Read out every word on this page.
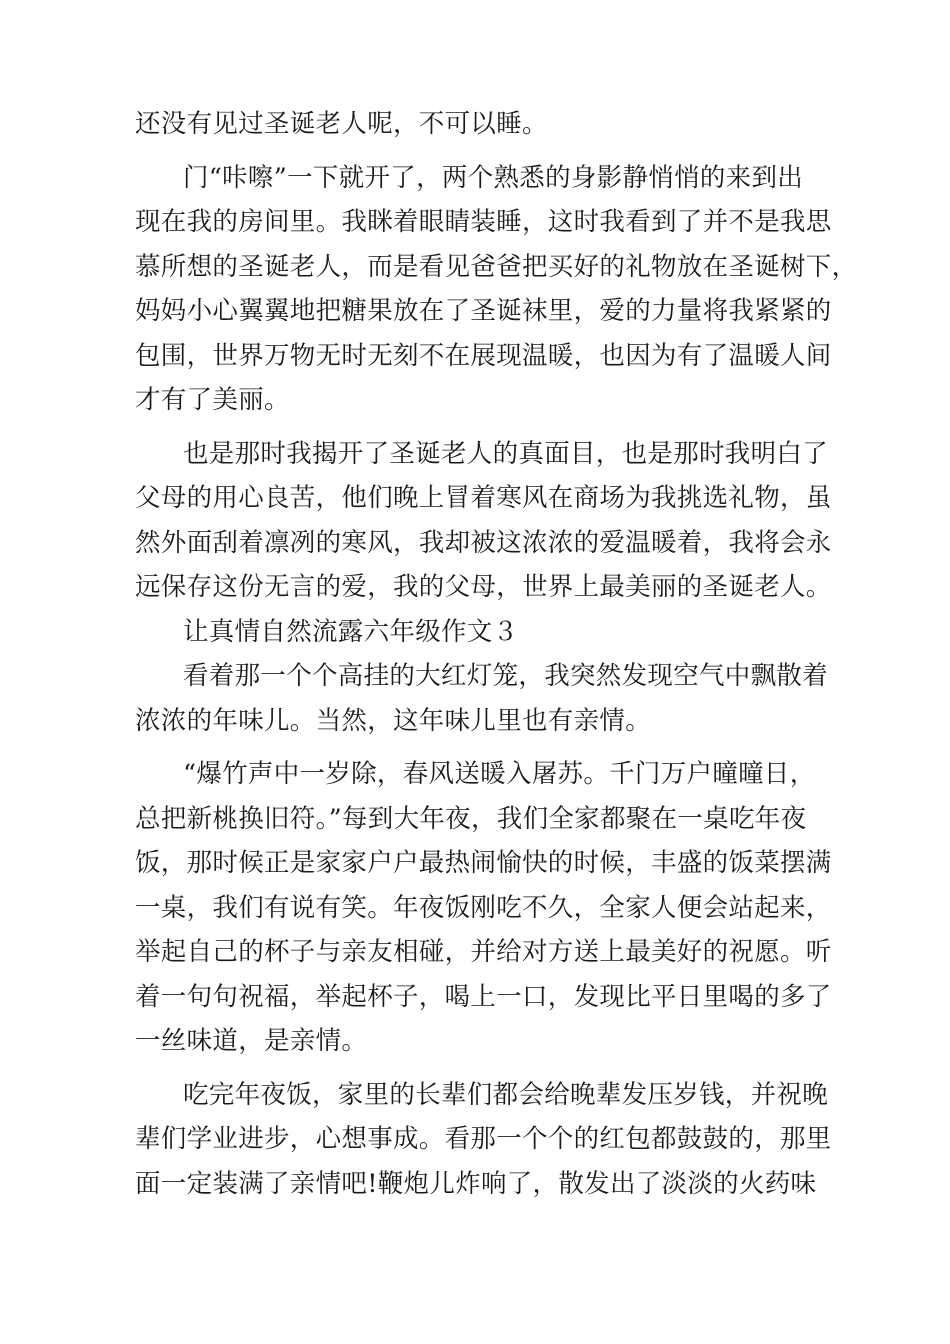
还没有见过圣诞老人呢，不可以睡。
门“咔嚓”一下就开了，两个熟悉的身影静悄悄的来到出
现在我的房间里。我眯着眼睛装睡，这时我看到了并不是我思
慕所想的圣诞老人，而是看见爸爸把买好的礼物放在圣诞树下，
妈妈小心翼翼地把糖果放在了圣诞袜里，爱的力量将我紧紧的
包围，世界万物无时无刻不在展现温暖，也因为有了温暖人间
才有了美丽。
也是那时我揭开了圣诞老人的真面目，也是那时我明白了
父母的用心良苦，他们晚上冒着寒风在商场为我挑选礼物，虽
然外面刮着凛冽的寒风，我却被这浓浓的爱温暖着，我将会永
远保存这份无言的爱，我的父母，世界上最美丽的圣诞老人。
让真情自然流露六年级作文３
看着那一个个高挂的大红灯笼，我突然发现空气中飘散着
浓浓的年味儿。当然，这年味儿里也有亲情。
“爆竹声中一岁除，春风送暖入屠苏。千门万户曈曈日，
总把新桃换旧符。”每到大年夜，我们全家都聚在一桌吃年夜
饭，那时候正是家家户户最热闹愉快的时候，丰盛的饭菜摆满
一桌，我们有说有笑。年夜饭刚吃不久，全家人便会站起来，
举起自己的杯子与亲友相碰，并给对方送上最美好的祝愿。听
着一句句祝福，举起杯子，喝上一口，发现比平日里喝的多了
一丝味道，是亲情。
吃完年夜饭，家里的长辈们都会给晚辈发压岁钱，并祝晚
辈们学业进步，心想事成。看那一个个的红包都鼓鼓的，那里
面一定装满了亲情吧!鞭炮儿炸响了，散发出了淡淡的火药味
